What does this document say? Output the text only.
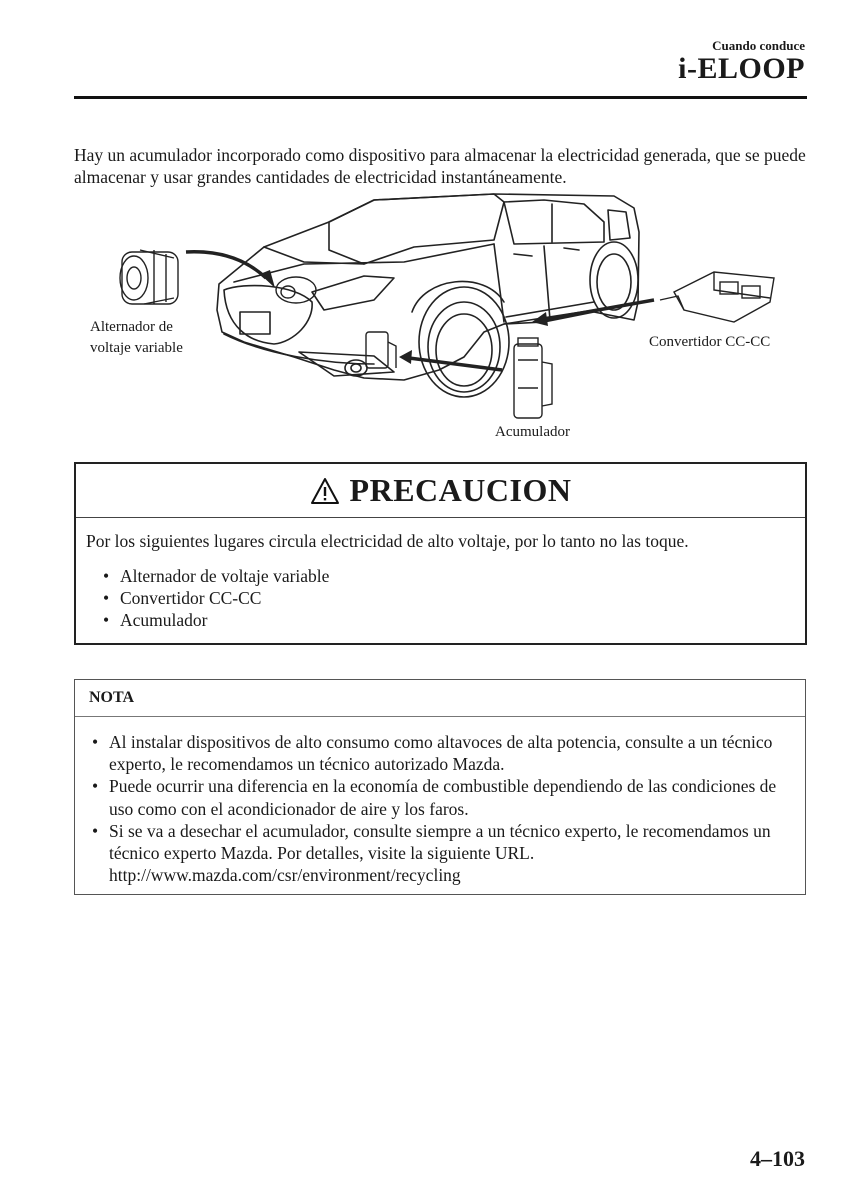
Cuando conduce
i-ELOOP
Hay un acumulador incorporado como dispositivo para almacenar la electricidad generada, que se puede almacenar y usar grandes cantidades de electricidad instantáneamente.
Alternador de voltaje variable	Convertidor CC-CC
Acumulador
PRECAUCION
Por los siguientes lugares circula electricidad de alto voltaje, por lo tanto no las toque.
• Alternador de voltaje variable
• Convertidor CC-CC
• Acumulador
NOTA
• Al instalar dispositivos de alto consumo como altavoces de alta potencia, consulte a un técnico experto, le recomendamos un técnico autorizado Mazda.
• Puede ocurrir una diferencia en la economía de combustible dependiendo de las condiciones de uso como con el acondicionador de aire y los faros.
• Si se va a desechar el acumulador, consulte siempre a un técnico experto, le recomendamos un técnico experto Mazda. Por detalles, visite la siguiente URL. http://www.mazda.com/csr/environment/recycling
4–103
